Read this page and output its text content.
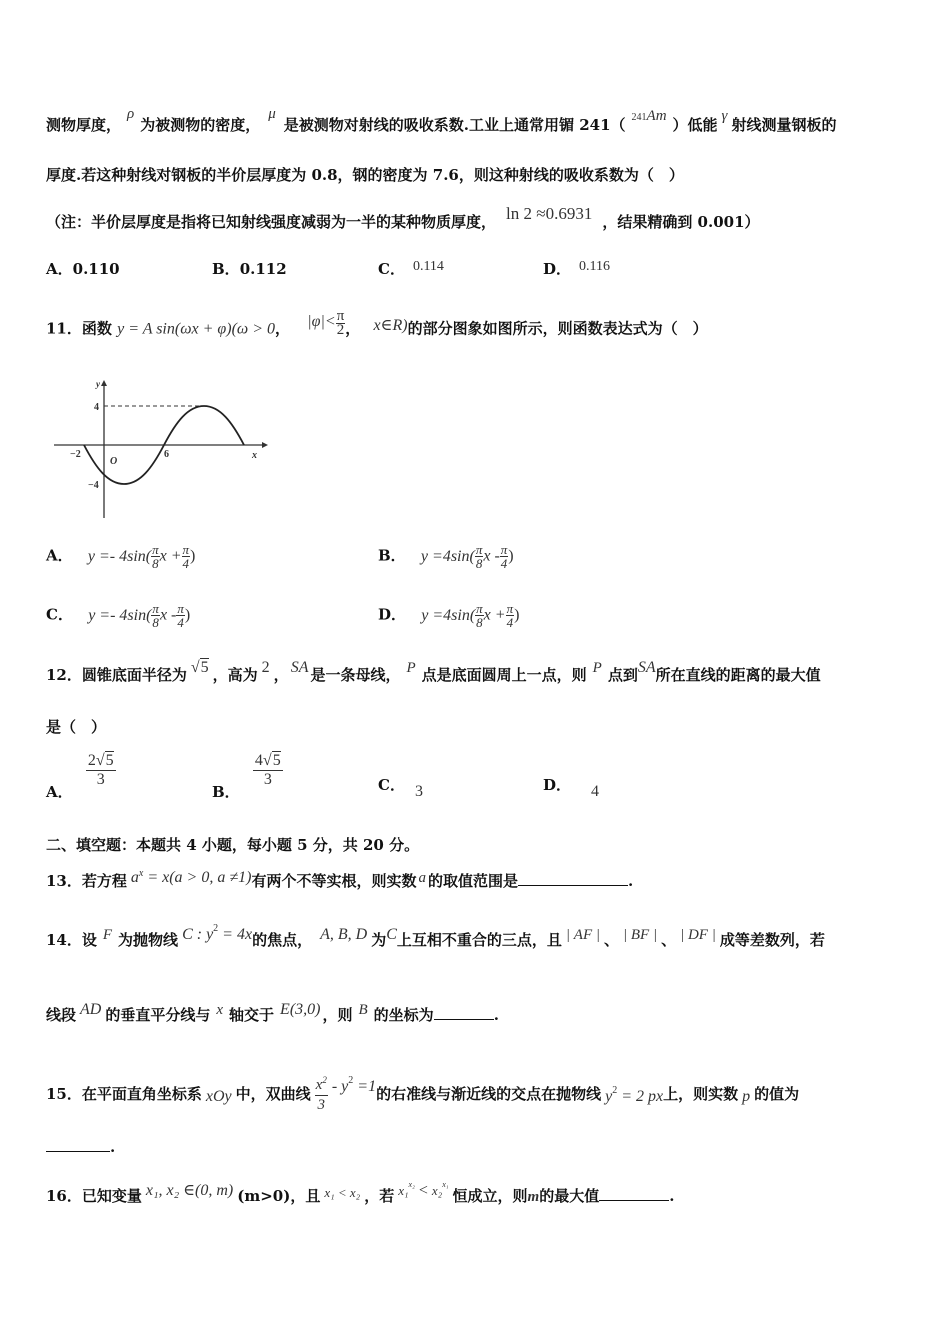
测物厚度，ρ为被测物的密度，μ是被测物对射线的吸收系数.工业上通常用镅 241（ $^{241}$Am ）低能 γ 射线测量钢板的
厚度.若这种射线对钢板的半价层厚度为 0.8，钢的密度为 7.6，则这种射线的吸收系数为（　）
（注：半价层厚度是指将已知射线强度减弱为一半的某种物质厚度， ln 2 ≈0.6931 ，结果精确到 0.001）
A．0.110	B．0.112	C． 0.114	D． 0.116
11．函数 y = A sin(ωx + φ)(ω > 0， $|\varphi|< \frac{\pi}{2}$ ， x∈R)的部分图象如图所示，则函数表达式为（　）
y
x
O
4
−4
−2	6
A． $y =- 4\sin( \frac{\pi}{8}$ $x + \frac{\pi}{4}$ )	B． $y =4\sin( \frac{\pi}{8}$ x - $\frac{\pi}{4}$ )
C． $y =- 4\sin( \frac{\pi}{8}$ x - $\frac{\pi}{4}$ )	D． $y =4\sin( \frac{\pi}{8}$ $x + \frac{\pi}{4}$ )
12．圆锥底面半径为 √5 ，高为 2 ， SA 是一条母线， P 点是底面圆周上一点，则 P 点到SA所在直线的距离的最大值
是（　）
A．
$\frac{2√5}{3}$
B．
$\frac{4√5}{3}$	C． 3	D． 4
二、填空题：本题共 4 小题，每小题 5 分，共 20 分。
13．若方程 $a^x = x(a > 0$, a ≠1)有两个不等实根，则实数 a 的取值范围是	.
14．设 F 为抛物线 C : $y^2 = 4x$的焦点， A, B, D 为C上互相不重合的三点，且 | AF | 、 | BF | 、 | DF | 成等差数列，若
线段 AD 的垂直平分线与 x 轴交于 E(3,0) ，则 B 的坐标为	.
15．在平面直角坐标系 xOy 中，双曲线 $\frac{x^2}{3} - y^2 =1$的右准线与渐近线的交点在抛物线 $y^2 = 2$ px上，则实数 p 的值为
.
16．已知变量 x₁, x₂ ∈(0, m) (m>0)，且 x₁ < x₂ ，若 x₁$^{x_2}$ < x₂$^{x_1}$恒成立，则m的最大值	.
